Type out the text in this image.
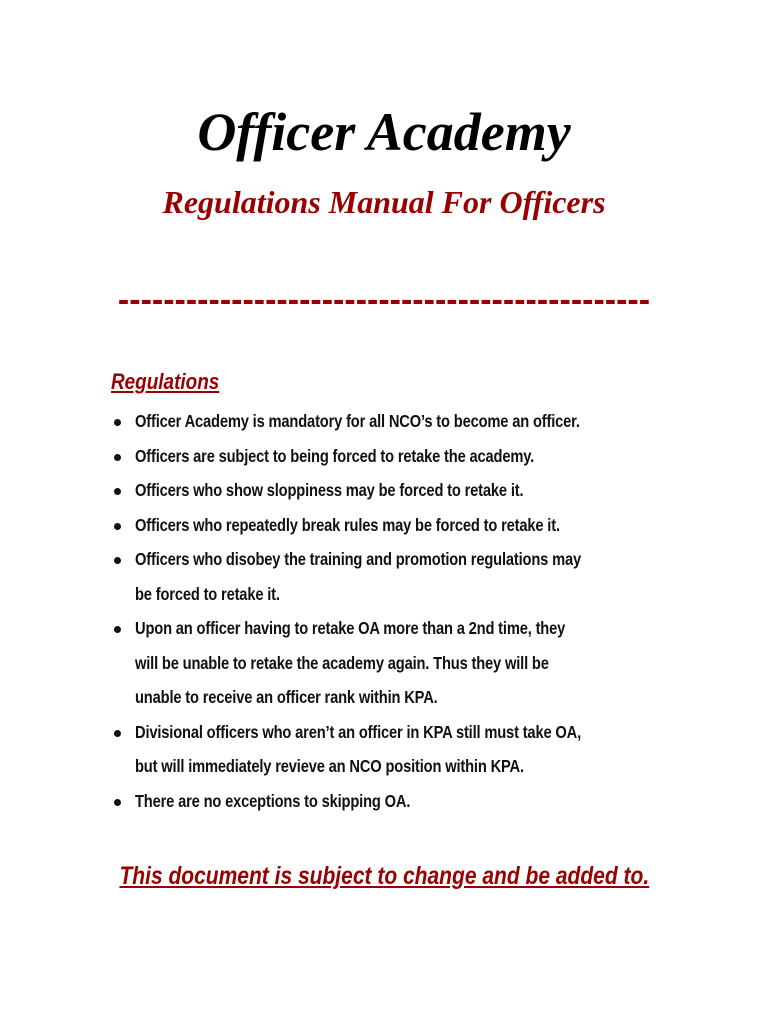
Officer Academy
Regulations Manual For Officers
-----------------------------------------------
Regulations
Officer Academy is mandatory for all NCO’s to become an officer.
Officers are subject to being forced to retake the academy.
Officers who show sloppiness may be forced to retake it.
Officers who repeatedly break rules may be forced to retake it.
Officers who disobey the training and promotion regulations may
be forced to retake it.
Upon an officer having to retake OA more than a 2nd time, they
will be unable to retake the academy again. Thus they will be
unable to receive an officer rank within KPA.
Divisional officers who aren’t an officer in KPA still must take OA,
but will immediately revieve an NCO position within KPA.
There are no exceptions to skipping OA.

This document is subject to change and be added to.
